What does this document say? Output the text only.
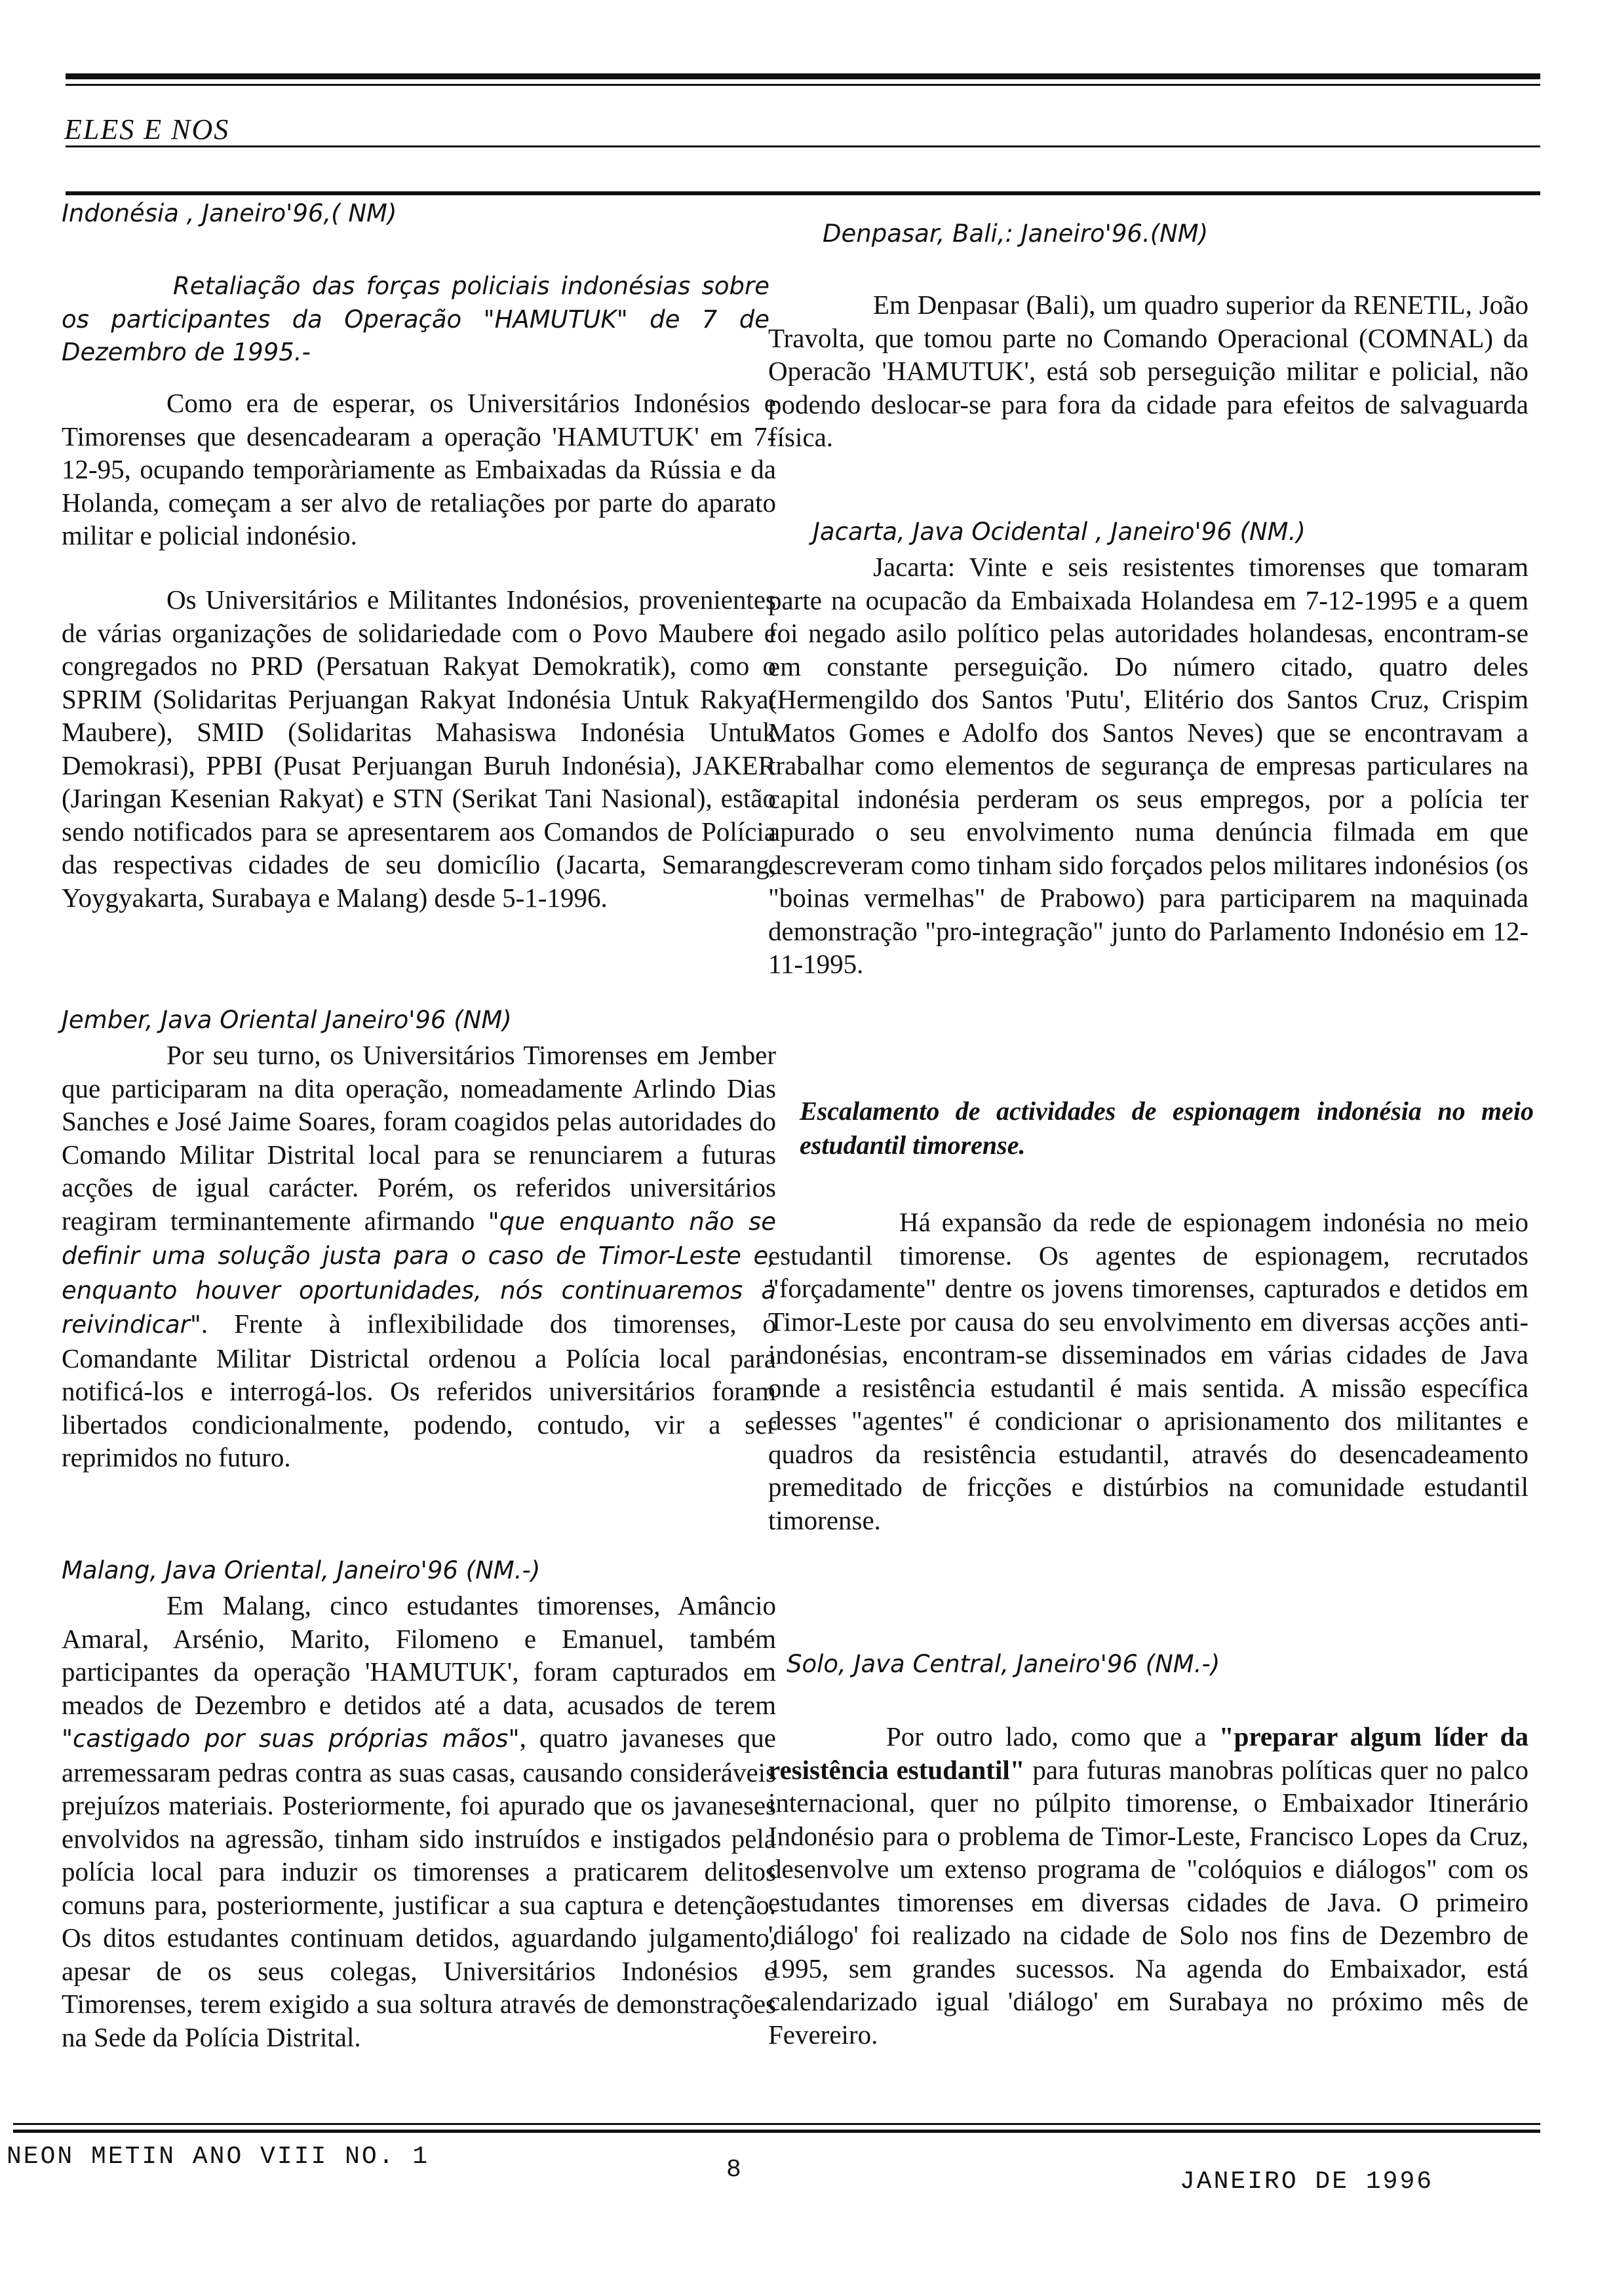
ELES E NOS
Indonésia , Janeiro'96,( NM)
Retaliação das forças policiais indonésias sobre os participantes da Operação "HAMUTUK" de 7 de Dezembro de 1995.-
Como era de esperar, os Universitários Indonésios e Timorenses que desencadearam a operação 'HAMUTUK' em 7-12-95, ocupando temporàriamente as Embaixadas da Rússia e da Holanda, começam a ser alvo de retaliações por parte do aparato militar e policial indonésio.
Os Universitários e Militantes Indonésios, provenientes de várias organizações de solidariedade com o Povo Maubere e congregados no PRD (Persatuan Rakyat Demokratik), como o SPRIM (Solidaritas Perjuangan Rakyat Indonésia Untuk Rakyat Maubere), SMID (Solidaritas Mahasiswa Indonésia Untuk Demokrasi), PPBI (Pusat Perjuangan Buruh Indonésia), JAKER (Jaringan Kesenian Rakyat) e STN (Serikat Tani Nasional), estão sendo notificados para se apresentarem aos Comandos de Polícia das respectivas cidades de seu domicílio (Jacarta, Semarang, Yoygyakarta, Surabaya e Malang) desde 5-1-1996.
Jember, Java Oriental Janeiro'96 (NM)
Por seu turno, os Universitários Timorenses em Jember que participaram na dita operação, nomeadamente Arlindo Dias Sanches e José Jaime Soares, foram coagidos pelas autoridades do Comando Militar Distrital local para se renunciarem a futuras acções de igual carácter. Porém, os referidos universitários reagiram terminantemente afirmando "que enquanto não se definir uma solução justa para o caso de Timor-Leste e, enquanto houver oportunidades, nós continuaremos a reivindicar". Frente à inflexibilidade dos timorenses, o Comandante Militar Districtal ordenou a Polícia local para notificá-los e interrogá-los. Os referidos universitários foram libertados condicionalmente, podendo, contudo, vir a ser reprimidos no futuro.
Malang, Java Oriental, Janeiro'96 (NM.-)
Em Malang, cinco estudantes timorenses, Amâncio Amaral, Arsénio, Marito, Filomeno e Emanuel, também participantes da operação 'HAMUTUK', foram capturados em meados de Dezembro e detidos até a data, acusados de terem "castigado por suas próprias mãos", quatro javaneses que arremessaram pedras contra as suas casas, causando consideráveis prejuízos materiais. Posteriormente, foi apurado que os javaneses envolvidos na agressão, tinham sido instruídos e instigados pela polícia local para induzir os timorenses a praticarem delitos comuns para, posteriormente, justificar a sua captura e detenção. Os ditos estudantes continuam detidos, aguardando julgamento, apesar de os seus colegas, Universitários Indonésios e Timorenses, terem exigido a sua soltura através de demonstrações na Sede da Polícia Distrital.
Denpasar, Bali,: Janeiro'96.(NM)
Em Denpasar (Bali), um quadro superior da RENETIL, João Travolta, que tomou parte no Comando Operacional (COMNAL) da Operacão 'HAMUTUK', está sob perseguição militar e policial, não podendo deslocar-se para fora da cidade para efeitos de salvaguarda física.
Jacarta, Java Ocidental , Janeiro'96 (NM.)
Jacarta: Vinte e seis resistentes timorenses que tomaram parte na ocupacão da Embaixada Holandesa em 7-12-1995 e a quem foi negado asilo político pelas autoridades holandesas, encontram-se em constante perseguição. Do número citado, quatro deles (Hermengildo dos Santos 'Putu', Elitério dos Santos Cruz, Crispim Matos Gomes e Adolfo dos Santos Neves) que se encontravam a trabalhar como elementos de segurança de empresas particulares na capital indonésia perderam os seus empregos, por a polícia ter apurado o seu envolvimento numa denúncia filmada em que descreveram como tinham sido forçados pelos militares indonésios (os "boinas vermelhas" de Prabowo) para participarem na maquinada demonstração "pro-integração" junto do Parlamento Indonésio em 12-11-1995.
Escalamento de actividades de espionagem indonésia no meio estudantil timorense.
Há expansão da rede de espionagem indonésia no meio estudantil timorense. Os agentes de espionagem, recrutados "forçadamente" dentre os jovens timorenses, capturados e detidos em Timor-Leste por causa do seu envolvimento em diversas acções anti-indonésias, encontram-se disseminados em várias cidades de Java onde a resistência estudantil é mais sentida. A missão específica desses "agentes" é condicionar o aprisionamento dos militantes e quadros da resistência estudantil, através do desencadeamento premeditado de fricções e distúrbios na comunidade estudantil timorense.
Solo, Java Central, Janeiro'96 (NM.-)
Por outro lado, como que a "preparar algum líder da resistência estudantil" para futuras manobras políticas quer no palco internacional, quer no púlpito timorense, o Embaixador Itinerário Indonésio para o problema de Timor-Leste, Francisco Lopes da Cruz, desenvolve um extenso programa de "colóquios e diálogos" com os estudantes timorenses em diversas cidades de Java. O primeiro 'diálogo' foi realizado na cidade de Solo nos fins de Dezembro de 1995, sem grandes sucessos. Na agenda do Embaixador, está calendarizado igual 'diálogo' em Surabaya no próximo mês de Fevereiro.
NEON METIN ANO VIII NO. 1	8	JANEIRO DE 1996
